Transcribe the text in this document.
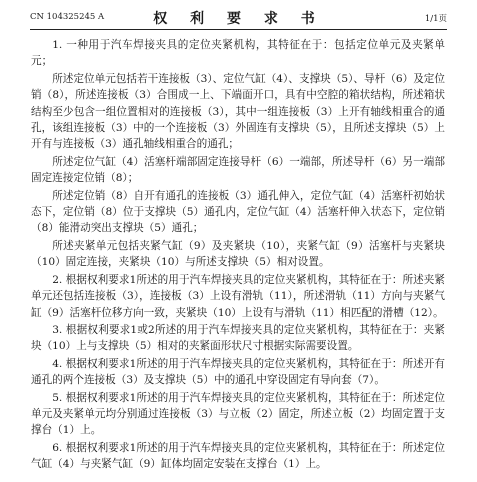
CN 104325245 A	权 利 要 求 书	1/1页

1. 一种用于汽车焊接夹具的定位夹紧机构，其特征在于：包括定位单元及夹紧单元；

所述定位单元包括若干连接板（3）、定位气缸（4）、支撑块（5）、导杆（6）及定位销（8），所述连接板（3）合围成一上、下端面开口，具有中空腔的箱状结构，所述箱状结构至少包含一组位置相对的连接板（3），其中一组连接板（3）上开有轴线相重合的通孔，该组连接板（3）中的一个连接板（3）外固连有支撑块（5），且所述支撑块（5）上开有与连接板（3）通孔轴线相重合的通孔；

所述定位气缸（4）活塞杆端部固定连接导杆（6）一端部，所述导杆（6）另一端部固定连接定位销（8）；

所述定位销（8）自开有通孔的连接板（3）通孔伸入，定位气缸（4）活塞杆初始状态下，定位销（8）位于支撑块（5）通孔内，定位气缸（4）活塞杆伸入状态下，定位销（8）能滑动突出支撑块（5）通孔；

所述夹紧单元包括夹紧气缸（9）及夹紧块（10），夹紧气缸（9）活塞杆与夹紧块（10）固定连接，夹紧块（10）与所述支撑块（5）相对设置。

2. 根据权利要求1所述的用于汽车焊接夹具的定位夹紧机构，其特征在于：所述夹紧单元还包括连接板（3），连接板（3）上设有滑轨（11），所述滑轨（11）方向与夹紧气缸（9）活塞杆位移方向一致，夹紧块（10）上设有与滑轨（11）相匹配的滑槽（12）。

3. 根据权利要求1或2所述的用于汽车焊接夹具的定位夹紧机构，其特征在于：夹紧块（10）上与支撑块（5）相对的夹紧面形状尺寸根据实际需要设置。

4. 根据权利要求1所述的用于汽车焊接夹具的定位夹紧机构，其特征在于：所述开有通孔的两个连接板（3）及支撑块（5）中的通孔中穿设固定有导向套（7）。

5. 根据权利要求1所述的用于汽车焊接夹具的定位夹紧机构，其特征在于：所述定位单元及夹紧单元均分别通过连接板（3）与立板（2）固定，所述立板（2）均固定置于支撑台（1）上。

6. 根据权利要求1所述的用于汽车焊接夹具的定位夹紧机构，其特征在于：所述定位气缸（4）与夹紧气缸（9）缸体均固定安装在支撑台（1）上。
